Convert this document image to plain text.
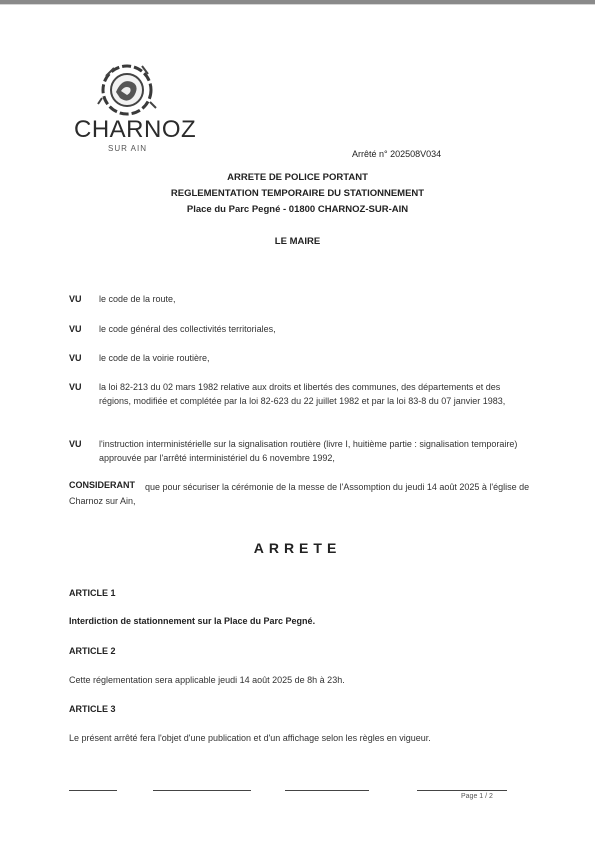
CHARNOZ
SUR AIN
Arrêté n° 202508V034
ARRETE DE POLICE PORTANT
REGLEMENTATION TEMPORAIRE DU STATIONNEMENT
Place du Parc Pegné - 01800 CHARNOZ-SUR-AIN
LE MAIRE
VU le code de la route,
VU le code général des collectivités territoriales,
VU le code de la voirie routière,
VU la loi 82-213 du 02 mars 1982 relative aux droits et libertés des communes, des départements et des régions, modifiée et complétée par la loi 82-623 du 22 juillet 1982 et par la loi 83-8 du 07 janvier 1983,
VU l'instruction interministérielle sur la signalisation routière (livre I, huitième partie : signalisation temporaire) approuvée par l'arrêté interministériel du 6 novembre 1992,
CONSIDERANT	que pour sécuriser la cérémonie de la messe de l'Assomption du jeudi 14 août 2025 à l'église de Charnoz sur Ain,
ARRETE
ARTICLE 1
Interdiction de stationnement sur la Place du Parc Pegné.
ARTICLE 2
Cette réglementation sera applicable jeudi 14 août 2025 de 8h à 23h.
ARTICLE 3
Le présent arrêté fera l'objet d'une publication et d'un affichage selon les règles en vigueur.
Page 1 / 2
